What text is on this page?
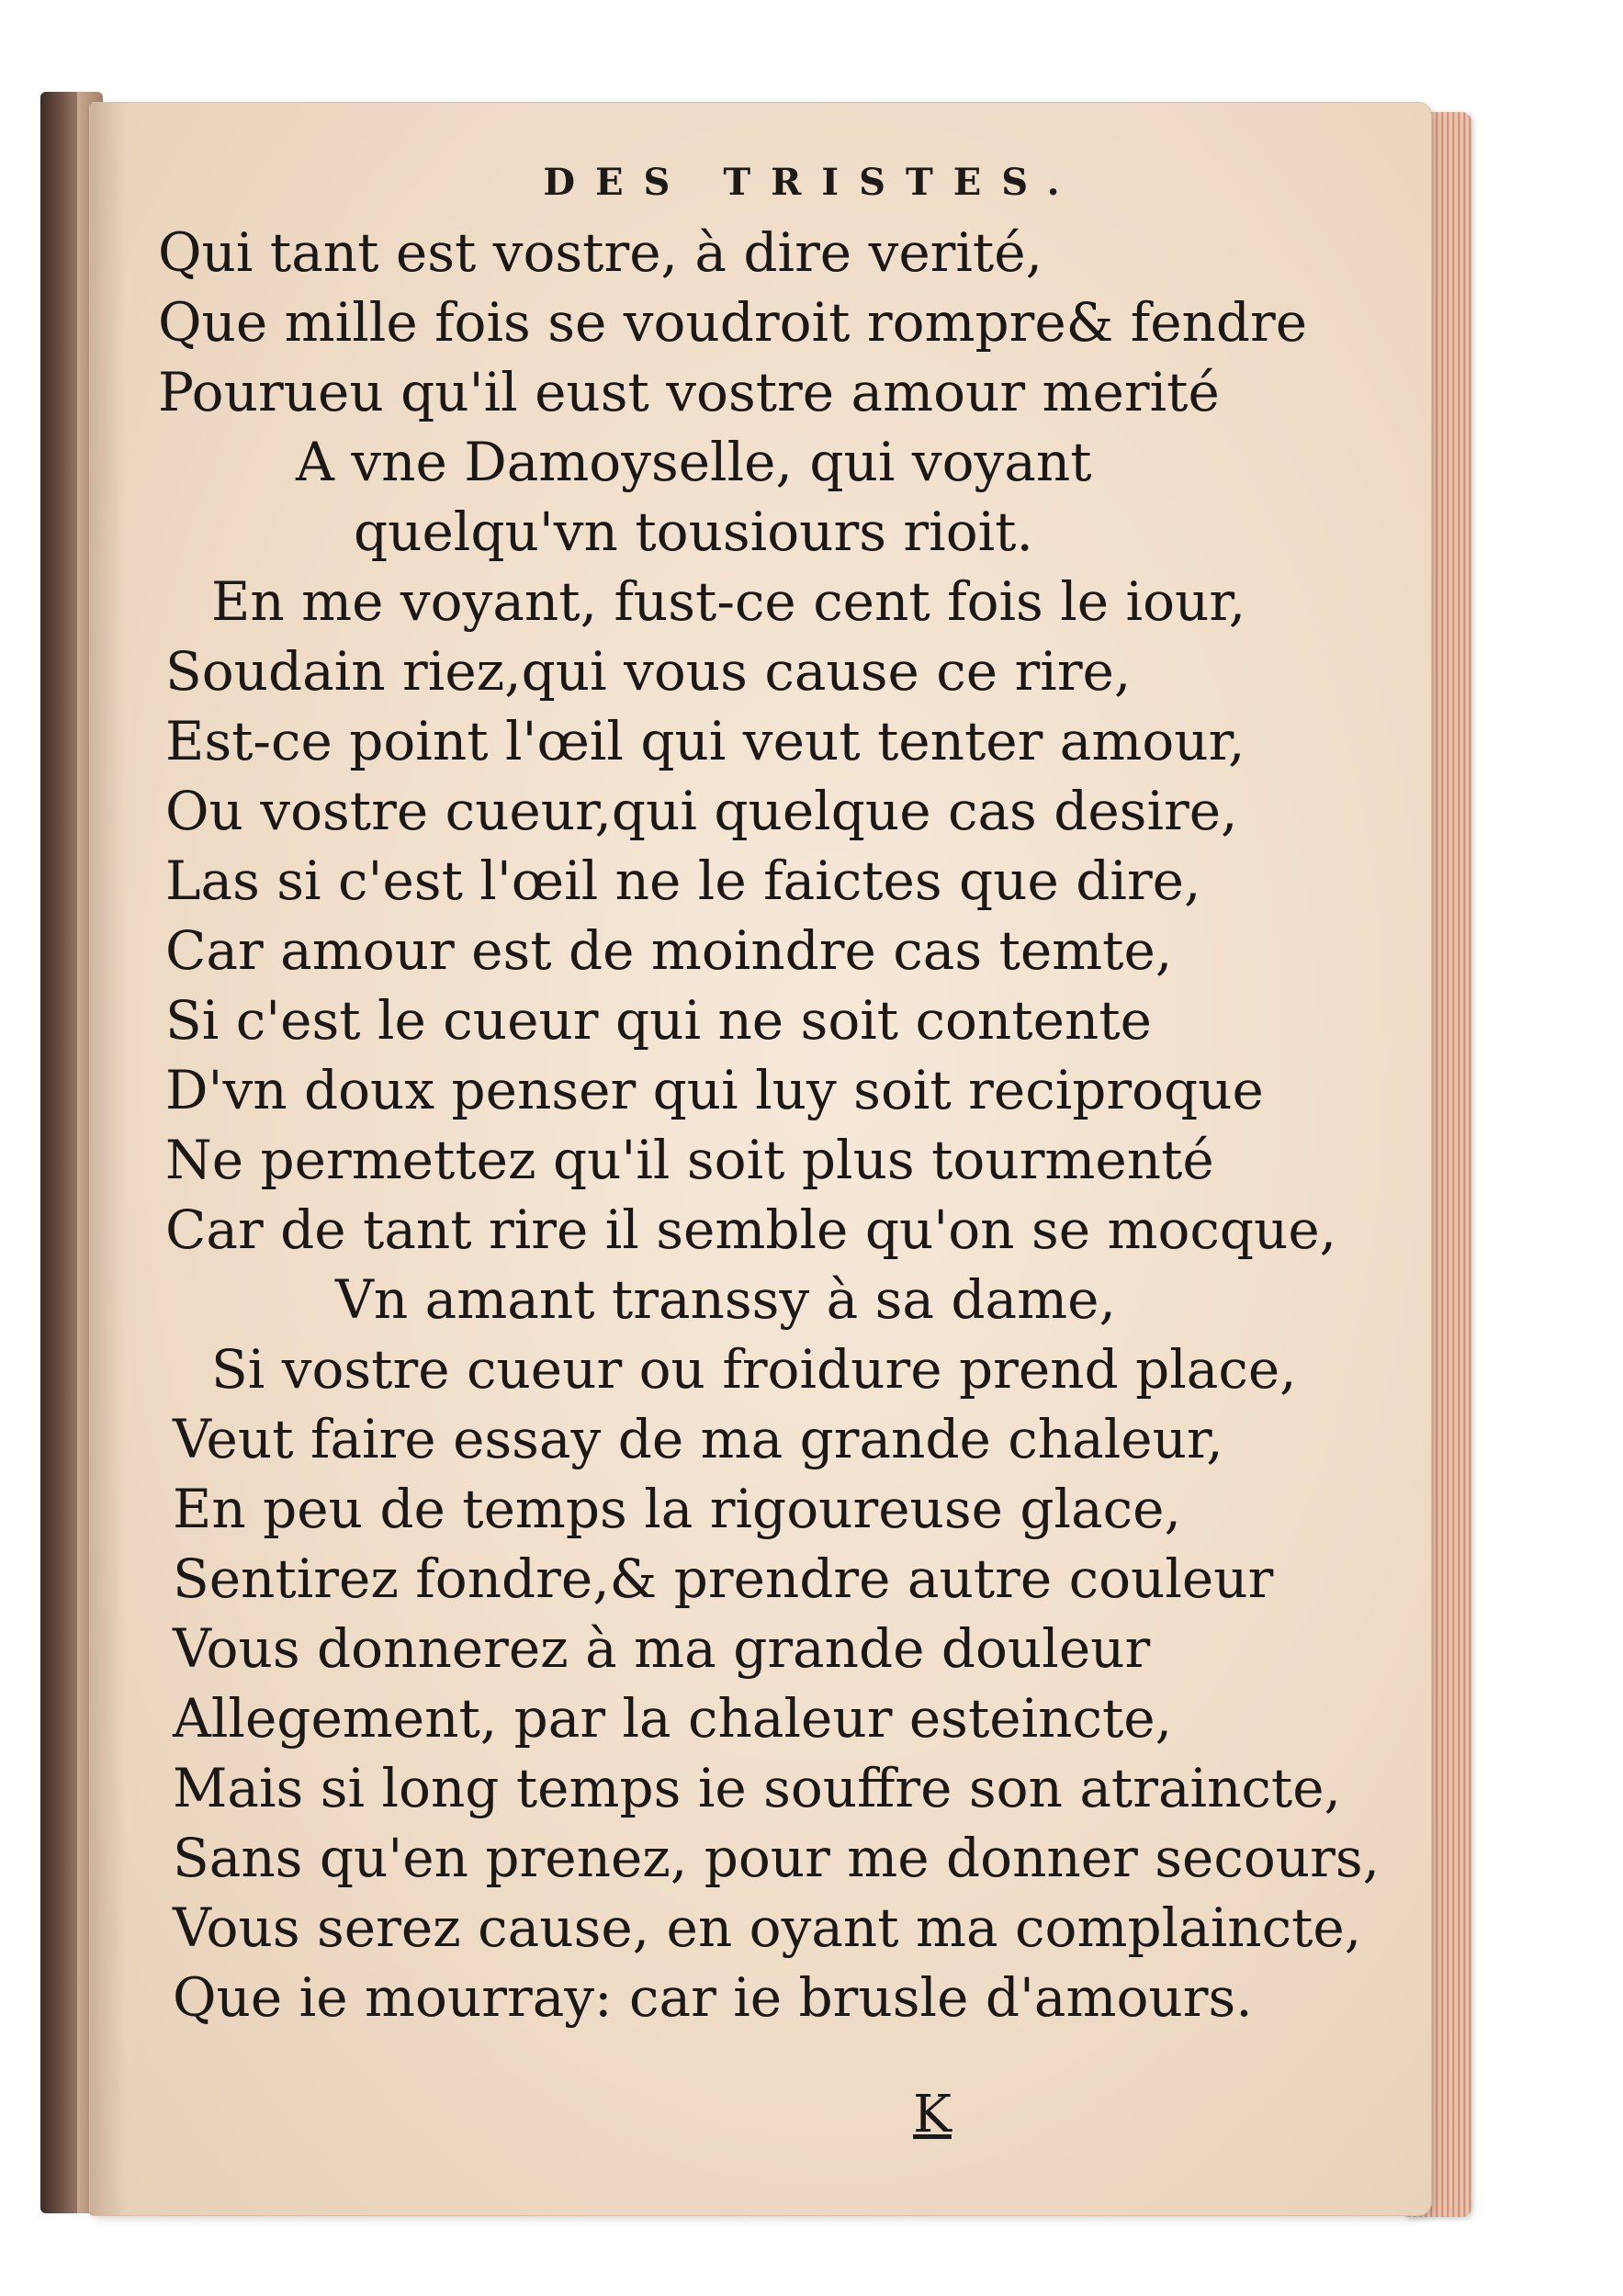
DES TRISTES.
Qui tant est vostre, à dire verité,
Que mille fois se voudroit rompre& fendre
Pourueu qu'il eust vostre amour merité
A vne Damoyselle, qui voyant
quelqu'vn tousiours rioit.
En me voyant, fust-ce cent fois le iour,
Soudain riez,qui vous cause ce rire,
Est-ce point l'œil qui veut tenter amour,
Ou vostre cueur,qui quelque cas desire,
Las si c'est l'œil ne le faictes que dire,
Car amour est de moindre cas temte,
Si c'est le cueur qui ne soit contente
D'vn doux penser qui luy soit reciproque
Ne permettez qu'il soit plus tourmenté
Car de tant rire il semble qu'on se mocque,
Vn amant transsy à sa dame,
Si vostre cueur ou froidure prend place,
Veut faire essay de ma grande chaleur,
En peu de temps la rigoureuse glace,
Sentirez fondre,& prendre autre couleur
Vous donnerez à ma grande douleur
Allegement, par la chaleur esteincte,
Mais si long temps ie souffre son atraincte,
Sans qu'en prenez, pour me donner secours,
Vous serez cause, en oyant ma complaincte,
Que ie mourray: car ie brusle d'amours.
K
